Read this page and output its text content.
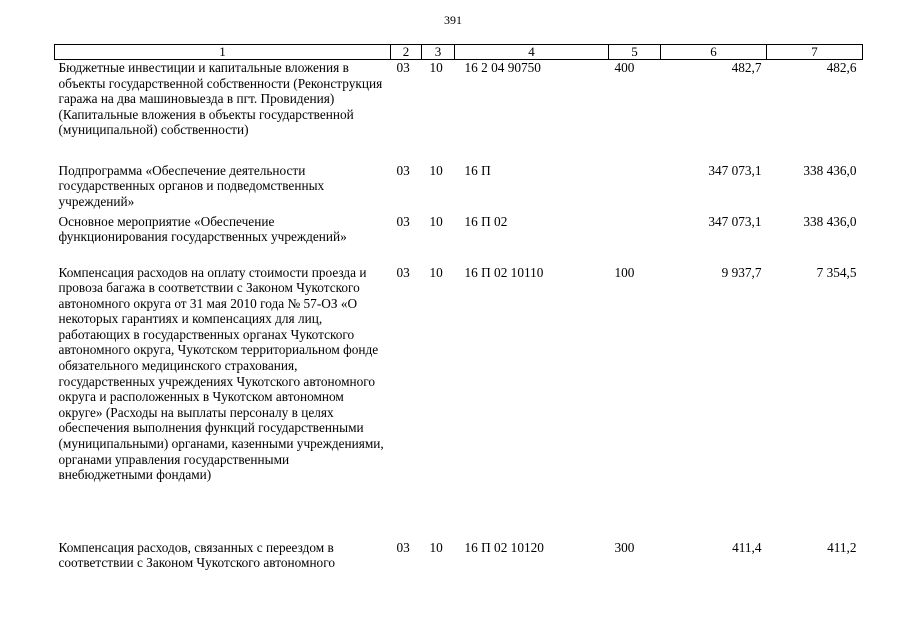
391
1	2	3	4	5	6	7
Бюджетные инвестиции и капитальные вложения в объекты государственной собственности (Реконструкция гаража на два машиновыезда в пгт. Провидения) (Капитальные вложения в объекты государственной (муниципальной) собственности)	03	10	16 2 04 90750	400	482,7	482,6
Подпрограмма «Обеспечение деятельности государственных органов и подведомственных учреждений»	03	10	16 П		347 073,1	338 436,0
Основное мероприятие «Обеспечение функционирования государственных учреждений»	03	10	16 П 02		347 073,1	338 436,0
Компенсация расходов на оплату стоимости проезда и провоза багажа в соответствии с Законом Чукотского автономного округа от 31 мая 2010 года № 57-ОЗ «О некоторых гарантиях и компенсациях для лиц, работающих в государственных органах Чукотского автономного округа, Чукотском территориальном фонде обязательного медицинского страхования, государственных учреждениях Чукотского автономного округа и расположенных в Чукотском автономном округе» (Расходы на выплаты персоналу в целях обеспечения выполнения функций государственными (муниципальными) органами, казенными учреждениями, органами управления государственными внебюджетными фондами)	03	10	16 П 02 10110	100	9 937,7	7 354,5
Компенсация расходов, связанных с переездом в соответствии с Законом Чукотского автономного	03	10	16 П 02 10120	300	411,4	411,2
